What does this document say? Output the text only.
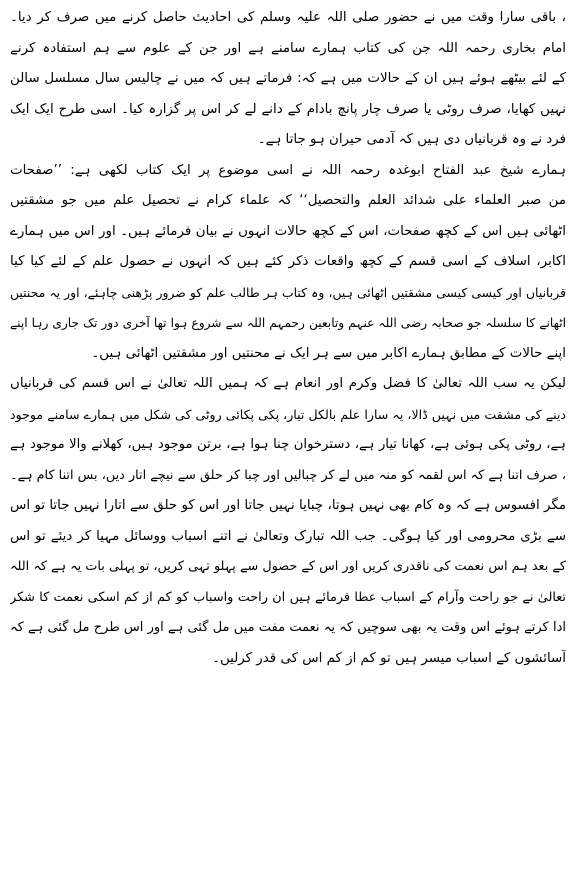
، باقی سارا وقت میں نے حضور صلی اللہ علیہ وسلم کی احادیث حاصل کرنے میں صرف کر دیا۔
امام بخاری رحمہ اللہ جن کی کتاب ہمارے سامنے ہے اور جن کے علوم سے ہم استفادہ کرنے
کے لئے بیٹھے ہوئے ہیں ان کے حالات میں ہے کہ: فرماتے ہیں کہ میں نے چالیس سال مسلسل سالن
نہیں کھایا، صرف روٹی یا صرف چار پانچ بادام کے دانے لے کر اس پر گزارہ کیا۔ اسی طرح ایک ایک
فرد نے وہ قربانیاں دی ہیں کہ آدمی حیران ہو جاتا ہے۔
ہمارے شیخ عبد الفتاح ابوغدہ رحمہ اللہ نے اسی موضوع پر ایک کتاب لکھی ہے: ’’صفحات
من صبر العلماء علی شدائد العلم والتحصیل‘‘ کہ علماء کرام نے تحصیل علم میں جو مشقتیں
اٹھائی ہیں اس کے کچھ صفحات، اس کے کچھ حالات انہوں نے بیان فرمائے ہیں۔ اور اس میں ہمارے
اکابر، اسلاف کے اسی قسم کے کچھ واقعات ذکر کئے ہیں کہ انہوں نے حصول علم کے لئے کیا کیا
قربانیاں اور کیسی کیسی مشقتیں اٹھائی ہیں، وہ کتاب ہر طالب علم کو ضرور پڑھنی چاہئے، اور یہ محنتیں
اٹھانے کا سلسلہ جو صحابہ رضی اللہ عنہم وتابعین رحمہم اللہ سے شروع ہوا تھا آخری دور تک جاری رہا اپنے
اپنے حالات کے مطابق ہمارے اکابر میں سے ہر ایک نے محنتیں اور مشقتیں اٹھائی ہیں۔
لیکن یہ سب اللہ تعالیٰ کا فضل وکرم اور انعام ہے کہ ہمیں اللہ تعالیٰ نے اس قسم کی قربانیاں
دینے کی مشقت میں نہیں ڈالا، یہ سارا علم بالکل تیار، پکی پکائی روٹی کی شکل میں ہمارے سامنے موجود
ہے، روٹی پکی ہوئی ہے، کھانا تیار ہے، دسترخوان چنا ہوا ہے، برتن موجود ہیں، کھلانے والا موجود ہے
، صرف اتنا ہے کہ اس لقمہ کو منہ میں لے کر چبالیں اور چبا کر حلق سے نیچے اتار دیں، بس اتنا کام ہے۔
مگر افسوس ہے کہ وہ کام بھی نہیں ہوتا، چبایا نہیں جاتا اور اس کو حلق سے اتارا نہیں جاتا تو اس
سے بڑی محرومی اور کیا ہوگی۔ جب اللہ تبارک وتعالیٰ نے اتنے اسباب ووسائل مہیا کر دیئے تو اس
کے بعد ہم اس نعمت کی ناقدری کریں اور اس کے حصول سے پہلو تہی کریں، تو پہلی بات یہ ہے کہ اللہ
تعالیٰ نے جو راحت وآرام کے اسباب عطا فرمائے ہیں ان راحت واسباب کو کم از کم اسکی نعمت کا شکر
ادا کرتے ہوئے اس وقت یہ بھی سوچیں کہ یہ نعمت مفت میں مل گئی ہے اور اس طرح مل گئی ہے کہ
آسائشوں کے اسباب میسر ہیں تو کم از کم اس کی قدر کرلیں۔
